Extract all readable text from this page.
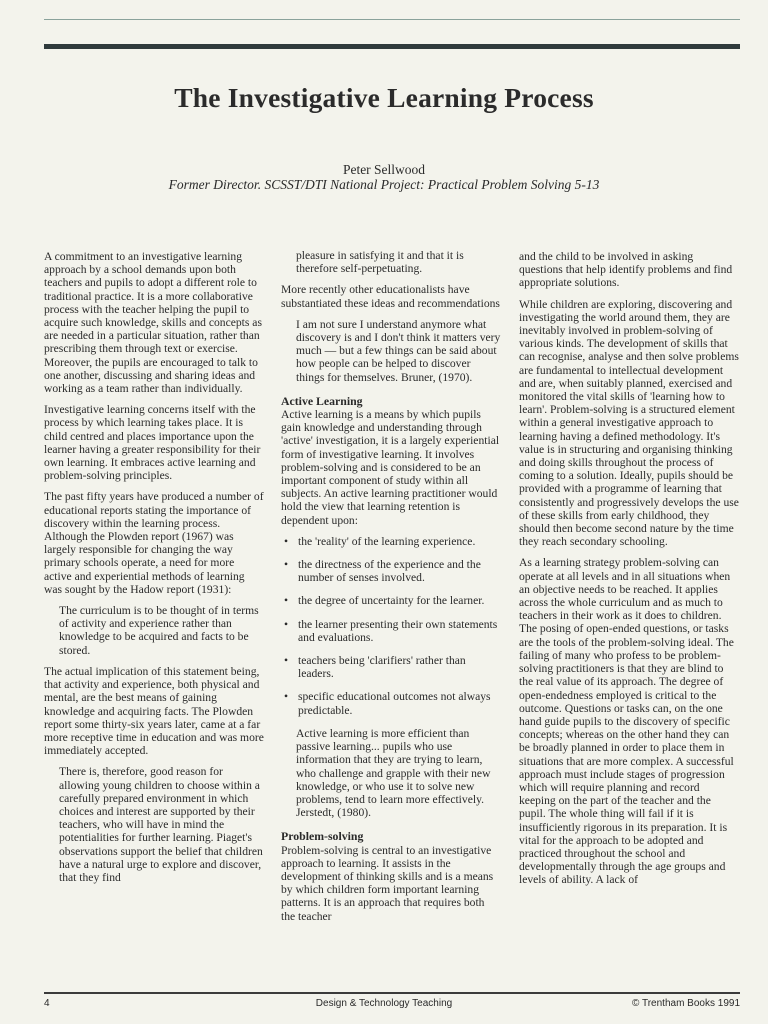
The Investigative Learning Process
Peter Sellwood
Former Director. SCSST/DTI National Project: Practical Problem Solving 5-13

A commitment to an investigative learning approach by a school demands upon both teachers and pupils to adopt a different role to traditional practice. It is a more collaborative process with the teacher helping the pupil to acquire such knowledge, skills and concepts as are needed in a particular situation, rather than prescribing them through text or exercise. Moreover, the pupils are encouraged to talk to one another, discussing and sharing ideas and working as a team rather than individually.

Investigative learning concerns itself with the process by which learning takes place. It is child centred and places importance upon the learner having a greater responsibility for their own learning. It embraces active learning and problem-solving principles.

The past fifty years have produced a number of educational reports stating the importance of discovery within the learning process. Although the Plowden report (1967) was largely responsible for changing the way primary schools operate, a need for more active and experiential methods of learning was sought by the Hadow report (1931):

The curriculum is to be thought of in terms of activity and experience rather than knowledge to be acquired and facts to be stored.

The actual implication of this statement being, that activity and experience, both physical and mental, are the best means of gaining knowledge and acquiring facts. The Plowden report some thirty-six years later, came at a far more receptive time in education and was more immediately accepted.

There is, therefore, good reason for allowing young children to choose within a carefully prepared environment in which choices and interest are supported by their teachers, who will have in mind the potentialities for further learning. Piaget's observations support the belief that children have a natural urge to explore and discover, that they find

pleasure in satisfying it and that it is therefore self-perpetuating.

More recently other educationalists have substantiated these ideas and recommendations

I am not sure I understand anymore what discovery is and I don't think it matters very much — but a few things can be said about how people can be helped to discover things for themselves. Bruner, (1970).

Active Learning

Active learning is a means by which pupils gain knowledge and understanding through 'active' investigation, it is a largely experiential form of investigative learning. It involves problem-solving and is considered to be an important component of study within all subjects. An active learning practitioner would hold the view that learning retention is dependent upon:

• the 'reality' of the learning experience.
• the directness of the experience and the number of senses involved.
• the degree of uncertainty for the learner.
• the learner presenting their own statements and evaluations.
• teachers being 'clarifiers' rather than leaders.
• specific educational outcomes not always predictable.

Active learning is more efficient than passive learning... pupils who use information that they are trying to learn, who challenge and grapple with their new knowledge, or who use it to solve new problems, tend to learn more effectively. Jerstedt, (1980).

Problem-solving

Problem-solving is central to an investigative approach to learning. It assists in the development of thinking skills and is a means by which children form important learning patterns. It is an approach that requires both the teacher

and the child to be involved in asking questions that help identify problems and find appropriate solutions.

While children are exploring, discovering and investigating the world around them, they are inevitably involved in problem-solving of various kinds. The development of skills that can recognise, analyse and then solve problems are fundamental to intellectual development and are, when suitably planned, exercised and monitored the vital skills of 'learning how to learn'. Problem-solving is a structured element within a general investigative approach to learning having a defined methodology. It's value is in structuring and organising thinking and doing skills throughout the process of coming to a solution. Ideally, pupils should be provided with a programme of learning that consistently and progressively develops the use of these skills from early childhood, they should then become second nature by the time they reach secondary schooling.

As a learning strategy problem-solving can operate at all levels and in all situations when an objective needs to be reached. It applies across the whole curriculum and as much to teachers in their work as it does to children. The posing of open-ended questions, or tasks are the tools of the problem-solving ideal. The failing of many who profess to be problem-solving practitioners is that they are blind to the real value of its approach. The degree of open-endedness employed is critical to the outcome. Questions or tasks can, on the one hand guide pupils to the discovery of specific concepts; whereas on the other hand they can be broadly planned in order to place them in situations that are more complex. A successful approach must include stages of progression which will require planning and record keeping on the part of the teacher and the pupil. The whole thing will fail if it is insufficiently rigorous in its preparation. It is vital for the approach to be adopted and practiced throughout the school and developmentally through the age groups and levels of ability. A lack of

4	Design & Technology Teaching	© Trentham Books 1991
